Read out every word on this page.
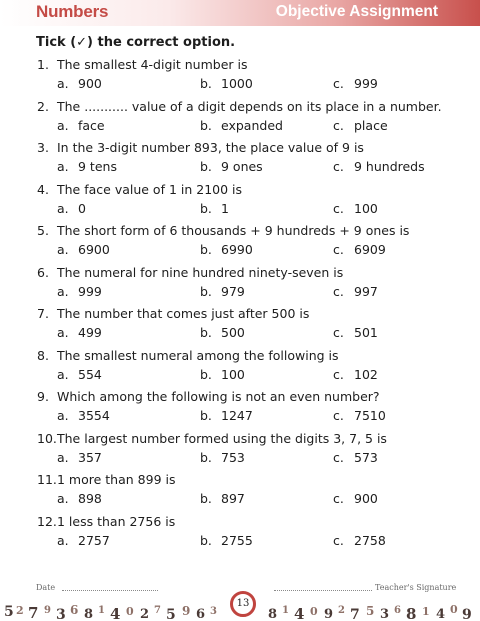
Numbers	Objective Assignment
Tick (✓) the correct option.
1. The smallest 4-digit number is
a. 900	b. 1000	c. 999
2. The ........... value of a digit depends on its place in a number.
a. face	b. expanded	c. place
3. In the 3-digit number 893, the place value of 9 is
a. 9 tens	b. 9 ones	c. 9 hundreds
4. The face value of 1 in 2100 is
a. 0	b. 1	c. 100
5. The short form of 6 thousands + 9 hundreds + 9 ones is
a. 6900	b. 6990	c. 6909
6. The numeral for nine hundred ninety-seven is
a. 999	b. 979	c. 997
7. The number that comes just after 500 is
a. 499	b. 500	c. 501
8. The smallest numeral among the following is
a. 554	b. 100	c. 102
9. Which among the following is not an even number?
a. 3554	b. 1247	c. 7510
10. The largest number formed using the digits 3, 7, 5 is
a. 357	b. 753	c. 573
11. 1 more than 899 is
a. 898	b. 897	c. 900
12. 1 less than 2756 is
a. 2757	b. 2755	c. 2758
Date	Teacher's Signature
5 2 7 9 3 6 8 1 4 0 2 7 5 9 6 3	8 1 4 0 9 2 7 5 3 6 8 1 4 0 9
13
